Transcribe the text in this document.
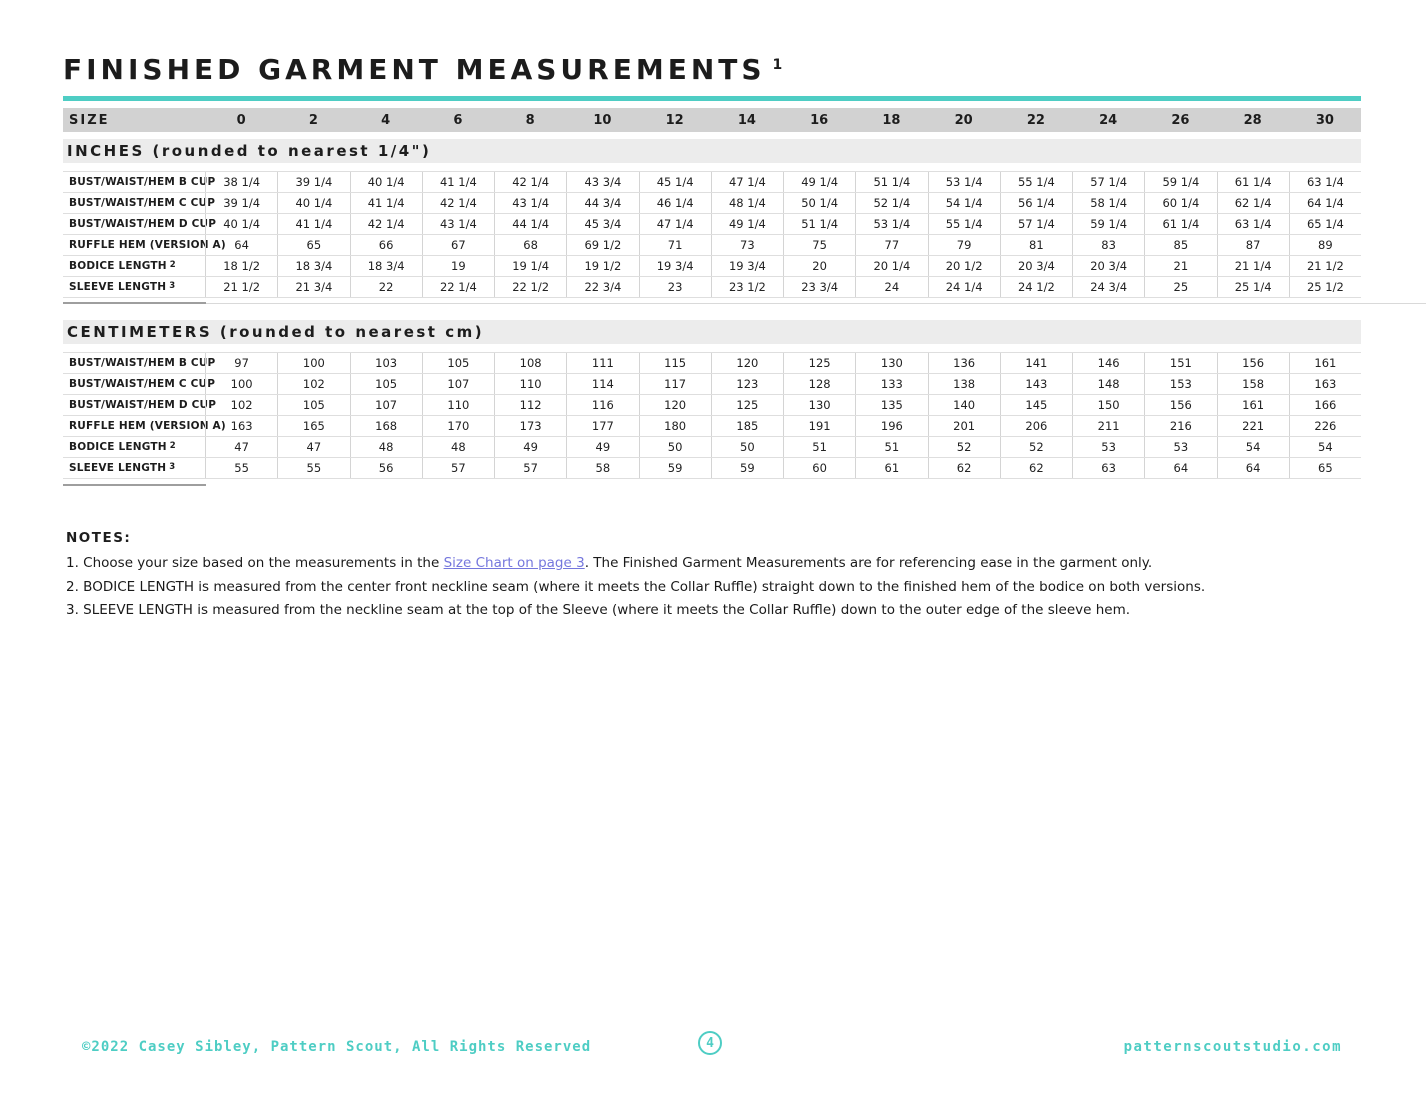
FINISHED GARMENT MEASUREMENTS $^1$
SIZE	0	2	4	6	8	10	12	14	16	18	20	22	24	26	28	30
INCHES (rounded to nearest 1/4")
BUST/WAIST/HEM B CUP 38 1/4	39 1/4	40 1/4	41 1/4	42 1/4	43 3/4	45 1/4	47 1/4	49 1/4	51 1/4	53 1/4	55 1/4	57 1/4	59 1/4	61 1/4	63 1/4
BUST/WAIST/HEM C CUP 39 1/4	40 1/4	41 1/4	42 1/4	43 1/4	44 3/4	46 1/4	48 1/4	50 1/4	52 1/4	54 1/4	56 1/4	58 1/4	60 1/4	62 1/4	64 1/4
BUST/WAIST/HEM D CUP 40 1/4	41 1/4	42 1/4	43 1/4	44 1/4	45 3/4	47 1/4	49 1/4	51 1/4	53 1/4	55 1/4	57 1/4	59 1/4	61 1/4	63 1/4	65 1/4
RUFFLE HEM (VERSION A) 64	65	66	67	68	69 1/2	71	73	75	77	79	81	83	85	87	89
BODICE LENGTH $^2$	18 1/2	18 3/4	18 3/4	19	19 1/4	19 1/2	19 3/4	19 3/4	20	20 1/4	20 1/2	20 3/4	20 3/4	21	21 1/4	21 1/2
SLEEVE LENGTH $^3$	21 1/2	21 3/4	22	22 1/4	22 1/2	22 3/4	23	23 1/2	23 3/4	24	24 1/4	24 1/2	24 3/4	25	25 1/4	25 1/2
CENTIMETERS (rounded to nearest cm)
BUST/WAIST/HEM B CUP	97	100	103	105	108	111	115	120	125	130	136	141	146	151	156	161
BUST/WAIST/HEM C CUP	100	102	105	107	110	114	117	123	128	133	138	143	148	153	158	163
BUST/WAIST/HEM D CUP	102	105	107	110	112	116	120	125	130	135	140	145	150	156	161	166
RUFFLE HEM (VERSION A) 163	165	168	170	173	177	180	185	191	196	201	206	211	216	221	226
BODICE LENGTH $^2$	47	47	48	48	49	49	50	50	51	51	52	52	53	53	54	54
SLEEVE LENGTH $^3$	55	55	56	57	57	58	59	59	60	61	62	62	63	64	64	65
NOTES:
1. Choose your size based on the measurements in the Size Chart on page 3. The Finished Garment Measurements are for referencing ease in the garment only.
2. BODICE LENGTH is measured from the center front neckline seam (where it meets the Collar Ruffle) straight down to the finished hem of the bodice on both versions.
3. SLEEVE LENGTH is measured from the neckline seam at the top of the Sleeve (where it meets the Collar Ruffle) down to the outer edge of the sleeve hem.
©2022 Casey Sibley, Pattern Scout, All Rights Reserved	4	patternscoutstudio.com
